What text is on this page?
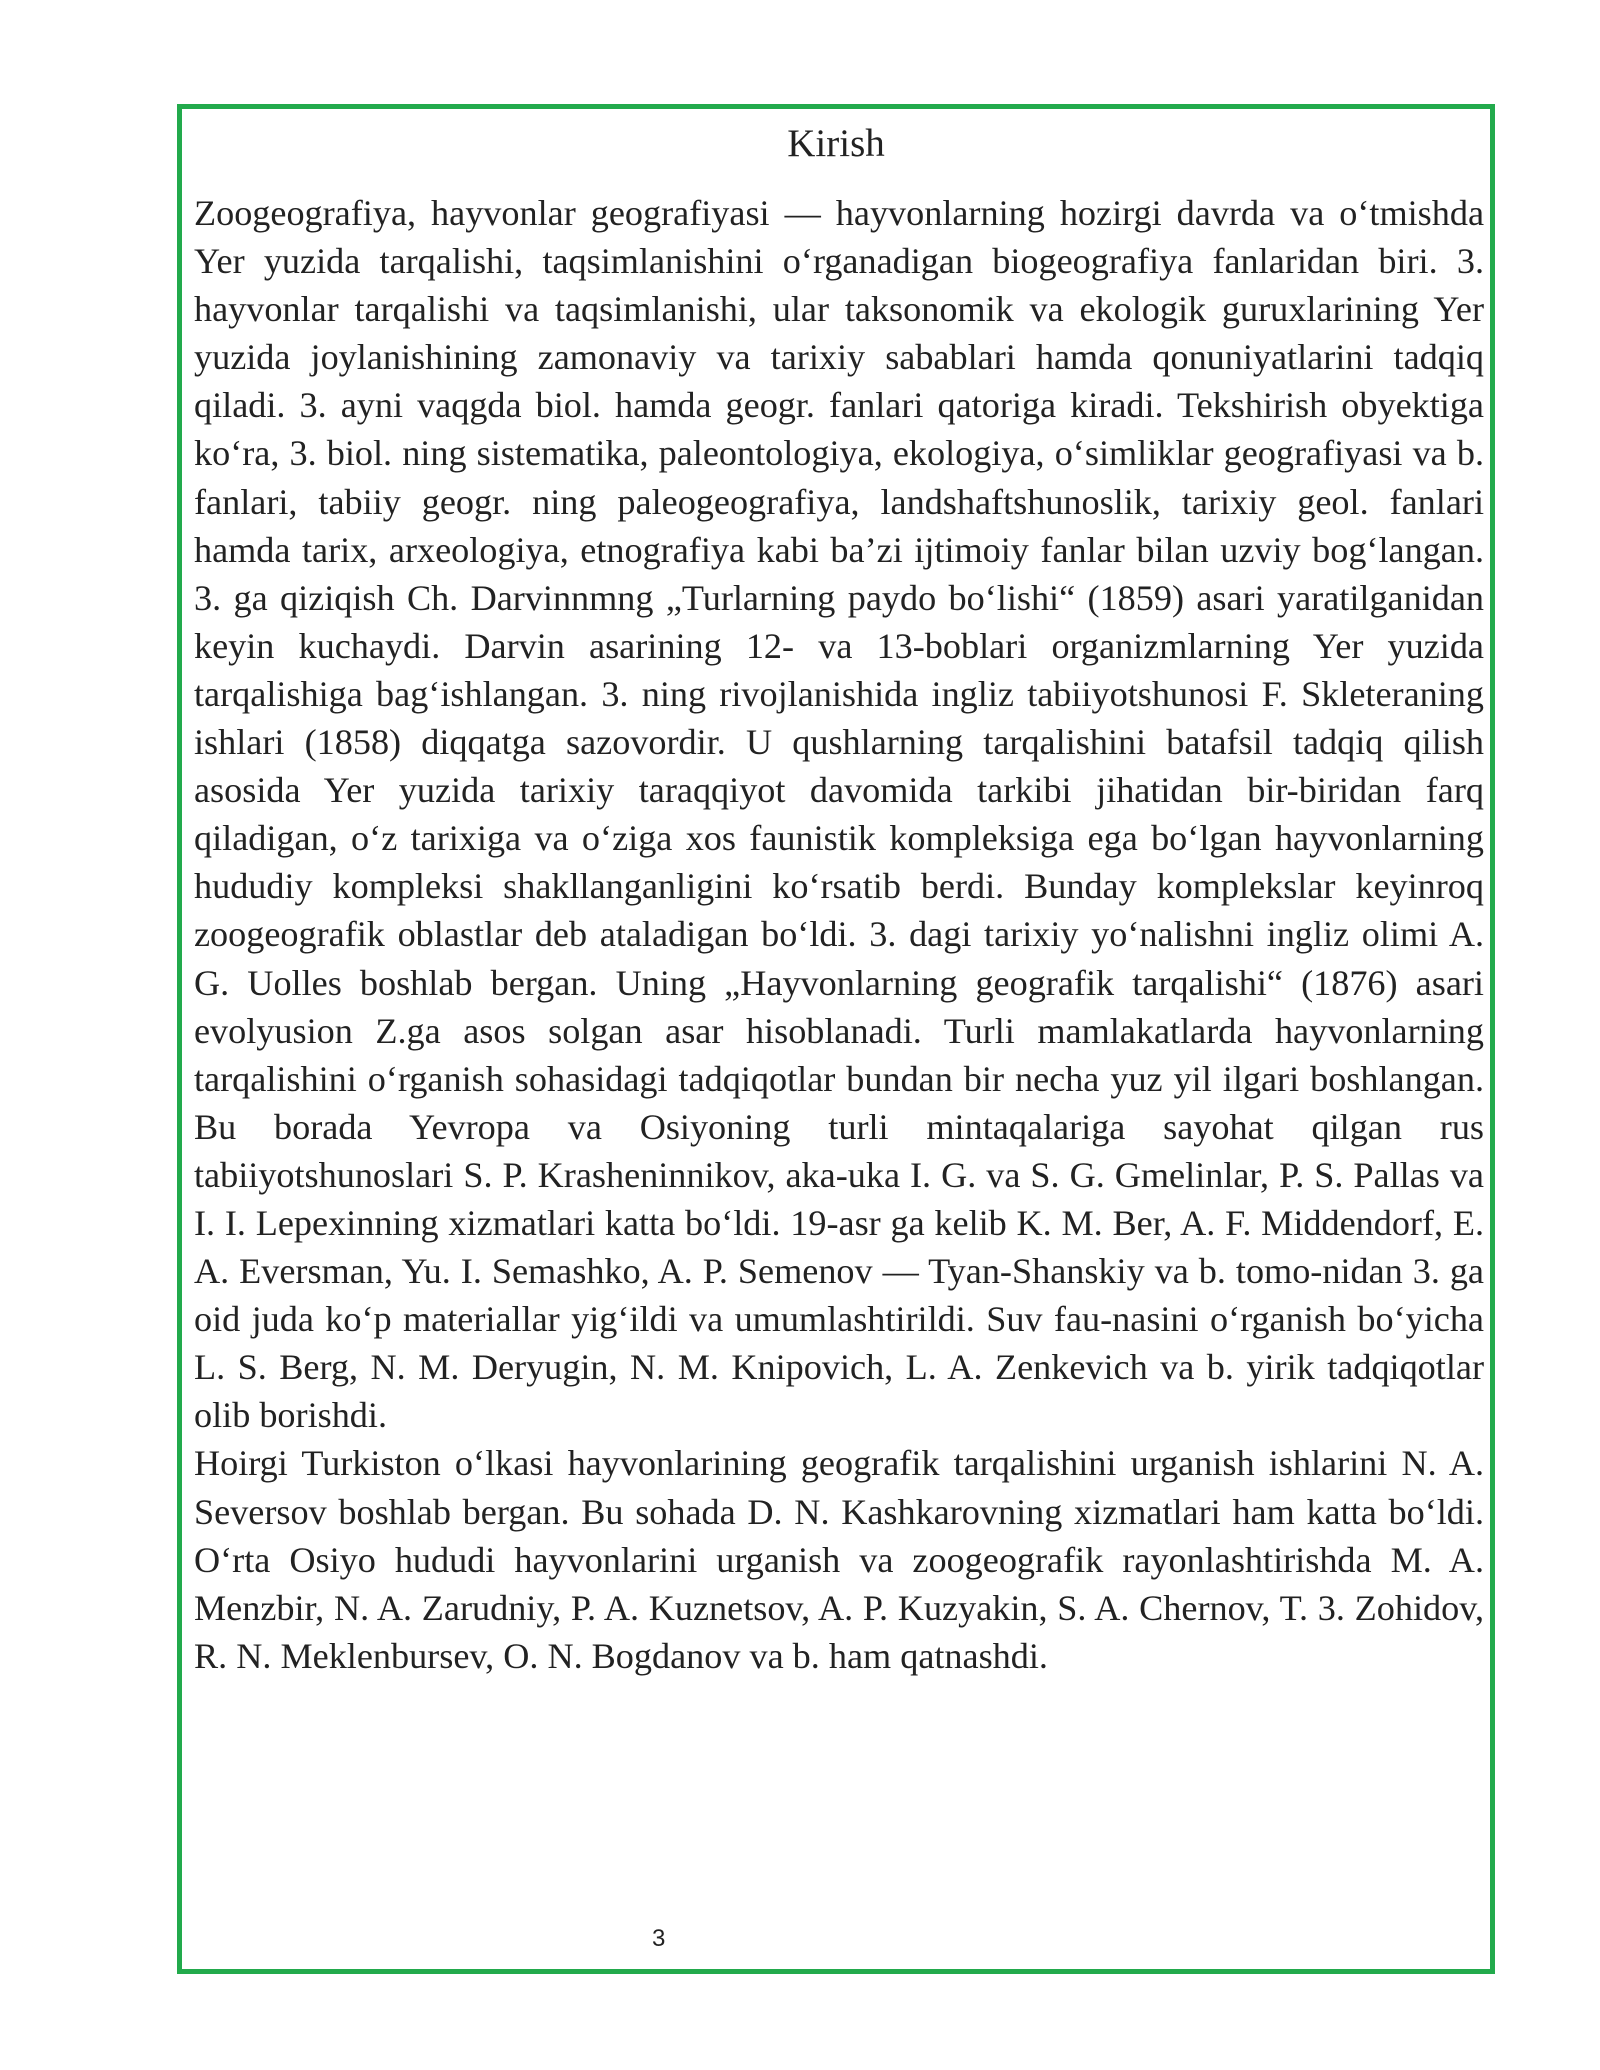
Kirish

Zoogeografiya, hayvonlar geografiyasi — hayvonlarning hozirgi davrda va o‘tmishda Yer yuzida tarqalishi, taqsimlanishini o‘rganadigan biogeografiya fanlaridan biri. 3. hayvonlar tarqalishi va taqsimlanishi, ular taksonomik va ekologik guruxlarining Yer yuzida joylanishining zamonaviy va tarixiy sabablari hamda qonuniyatlarini tadqiq qiladi. 3. ayni vaqgda biol. hamda geogr. fanlari qatoriga kiradi. Tekshirish obyektiga ko‘ra, 3. biol. ning sistematika, paleontologiya, ekologiya, o‘simliklar geografiyasi va b. fanlari, tabiiy geogr. ning paleogeografiya, landshaftshunoslik, tarixiy geol. fanlari hamda tarix, arxeologiya, etnografiya kabi ba’zi ijtimoiy fanlar bilan uzviy bog‘langan. 3. ga qiziqish Ch. Darvinnmng „Turlarning paydo bo‘lishi“ (1859) asari yaratilganidan keyin kuchaydi. Darvin asarining 12- va 13-boblari organizmlarning Yer yuzida tarqalishiga bag‘ishlangan. 3. ning rivojlanishida ingliz tabiiyotshunosi F. Skleteraning ishlari (1858) diqqatga sazovordir. U qushlarning tarqalishini batafsil tadqiq qilish asosida Yer yuzida tarixiy taraqqiyot davomida tarkibi jihatidan bir-biridan farq qiladigan, o‘z tarixiga va o‘ziga xos faunistik kompleksiga ega bo‘lgan hayvonlarning hududiy kompleksi shakllanganligini ko‘rsatib berdi. Bunday komplekslar keyinroq zoogeografik oblastlar deb ataladigan bo‘ldi. 3. dagi tarixiy yo‘nalishni ingliz olimi A. G. Uolles boshlab bergan. Uning „Hayvonlarning geografik tarqalishi“ (1876) asari evolyusion Z.ga asos solgan asar hisoblanadi. Turli mamlakatlarda hayvonlarning tarqalishini o‘rganish sohasidagi tadqiqotlar bundan bir necha yuz yil ilgari boshlangan. Bu borada Yevropa va Osiyoning turli mintaqalariga sayohat qilgan rus tabiiyotshunoslari S. P. Krasheninnikov, aka-uka I. G. va S. G. Gmelinlar, P. S. Pallas va I. I. Lepexinning xizmatlari katta bo‘ldi. 19-asr ga kelib K. M. Ber, A. F. Middendorf, E. A. Eversman, Yu. I. Semashko, A. P. Semenov — Tyan-Shanskiy va b. tomo-nidan 3. ga oid juda ko‘p materiallar yig‘ildi va umumlashtirildi. Suv fau-nasini o‘rganish bo‘yicha L. S. Berg, N. M. Deryugin, N. M. Knipovich, L. A. Zenkevich va b. yirik tadqiqotlar olib borishdi.

Hoirgi Turkiston o‘lkasi hayvonlarining geografik tarqalishini urganish ishlarini N. A. Seversov boshlab bergan. Bu sohada D. N. Kashkarovning xizmatlari ham katta bo‘ldi. O‘rta Osiyo hududi hayvonlarini urganish va zoogeografik rayonlashtirishda M. A. Menzbir, N. A. Zarudniy, P. A. Kuznetsov, A. P. Kuzyakin, S. A. Chernov, T. 3. Zohidov, R. N. Meklenbursev, O. N. Bogdanov va b. ham qatnashdi.

3
